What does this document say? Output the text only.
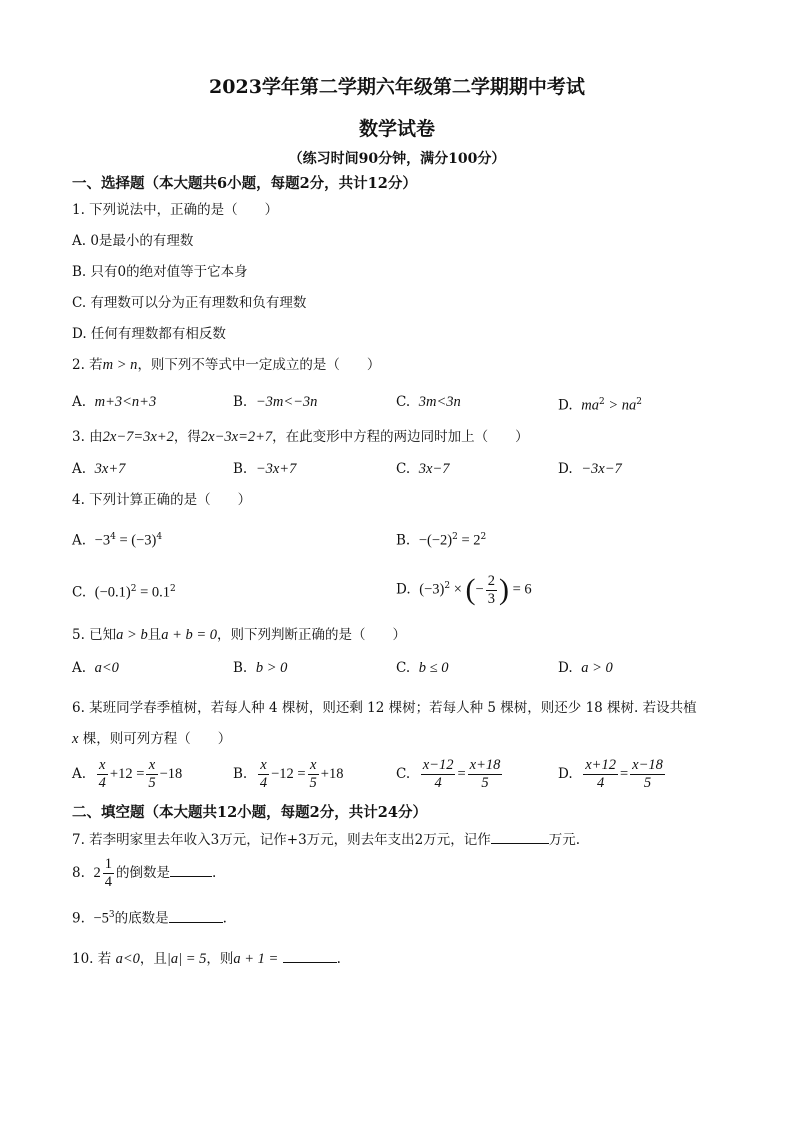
2023学年第二学期六年级第二学期期中考试
数学试卷
（练习时间90分钟，满分100分）
一、选择题（本大题共6小题，每题2分，共计12分）
1. 下列说法中，正确的是（　　）
A. 0是最小的有理数
B. 只有0的绝对值等于它本身
C. 有理数可以分为正有理数和负有理数
D. 任何有理数都有相反数
2. 若m > n，则下列不等式中一定成立的是（　　）
A. m+3<n+3	B. −3m<−3n	C. 3m<3n	D. $ma^2 > na^2$
3. 由2x−7=3x+2，得2x−3x=2+7，在此变形中方程的两边同时加上（　　）
A. 3x+7	B. −3x+7	C. 3x−7	D. −3x−7
4. 下列计算正确的是（　　）
A. $-3^4 = (-3)^4$	B. $-(-2)^2 = 2^2$
C. $(-0.1)^2 = 0.1^2$	D. $(-3)^2$ × (− $\frac{2}{3}$ ) = 6
5. 已知a > b且a + b = 0，则下列判断正确的是（　　）
A. a<0	B. b > 0	C. b ≤ 0	D. a > 0
6. 某班同学春季植树，若每人种 4 棵树，则还剩 12 棵树；若每人种 5 棵树，则还少 18 棵树. 若设共植
x 棵，则可列方程（　　）
A. $\frac{x}{4} +12 = \frac{x}{5} -18$	B. $\frac{x}{4} -12 = \frac{x}{5} +18$	C. $\frac{x-12}{4} = \frac{x+18}{5}$	D. $\frac{x+12}{4} = \frac{x-18}{5}$
二、填空题（本大题共12小题，每题2分，共计24分）
7. 若李明家里去年收入3万元，记作+3万元，则去年支出2万元，记作	万元.
8. $2 \frac{1}{4}$ 的倒数是	.
9. $-5^3$的底数是	.
10. 若 a<0，且|a| = 5，则a + 1 =	.
